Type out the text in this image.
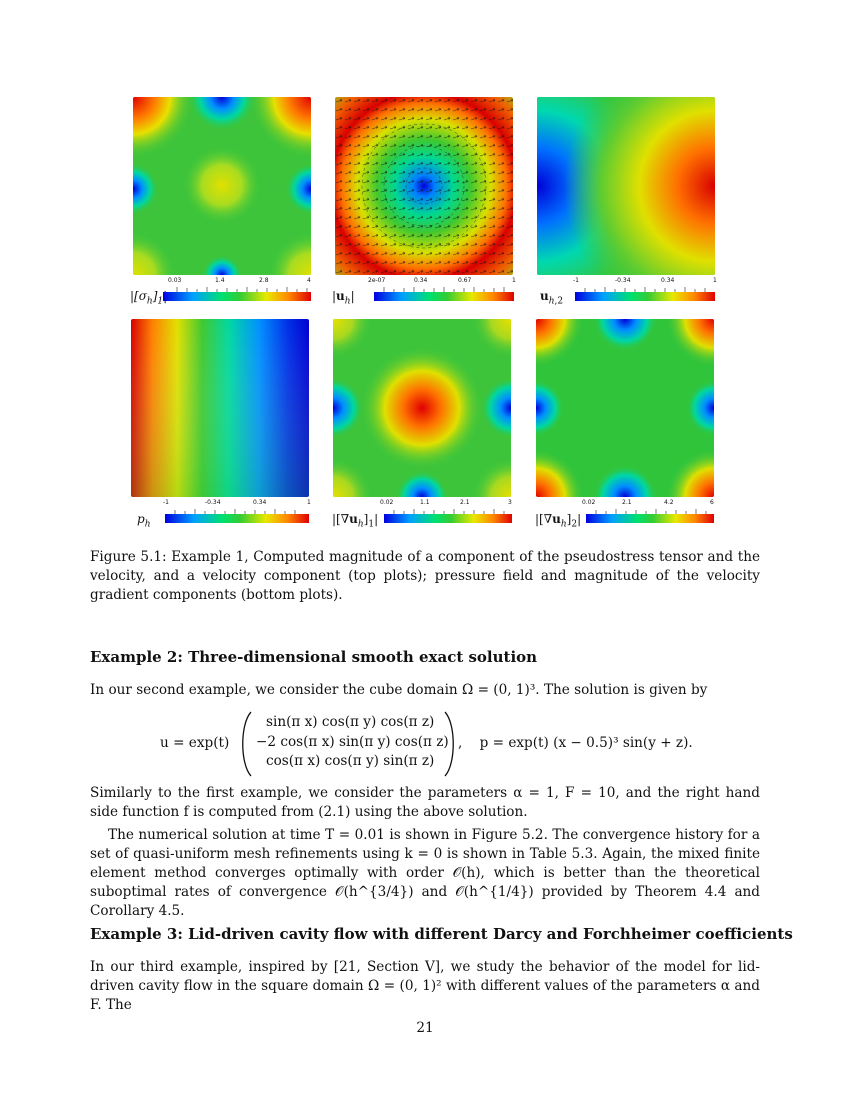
$|[\sigma_h]_1$
0.03	1.4	2.8	4
$|u_h|$
2e-07	0.34	0.67	1
$u_{h,2}$
-1	-0.34	0.34	1
$p_h$
-1	-0.34	0.34	1
$|[\nabla u_h]_1|$
0.02	1.1	2.1	3
$|[\nabla u_h]_2|$
0.02	2.1	4.2	6
Figure 5.1: Example 1, Computed magnitude of a component of the pseudostress tensor and the velocity, and a velocity component (top plots); pressure field and magnitude of the velocity gradient components (bottom plots).
Example 2: Three-dimensional smooth exact solution
In our second example, we consider the cube domain Ω = (0, 1)³. The solution is given by
u = exp(t)
sin(π x) cos(π y) cos(π z)
−2 cos(π x) sin(π y) cos(π z)
cos(π x) cos(π y) sin(π z)
,    p = exp(t) (x − 0.5)³ sin(y + z).
Similarly to the first example, we consider the parameters α = 1, F = 10, and the right hand side function f is computed from (2.1) using the above solution.
The numerical solution at time T = 0.01 is shown in Figure 5.2. The convergence history for a set of quasi-uniform mesh refinements using k = 0 is shown in Table 5.3. Again, the mixed finite element method converges optimally with order 𝒪(h), which is better than the theoretical suboptimal rates of convergence 𝒪(h^{3/4}) and 𝒪(h^{1/4}) provided by Theorem 4.4 and Corollary 4.5.
Example 3: Lid-driven cavity flow with different Darcy and Forchheimer coefficients
In our third example, inspired by [21, Section V], we study the behavior of the model for lid-driven cavity flow in the square domain Ω = (0, 1)² with different values of the parameters α and F. The
21
